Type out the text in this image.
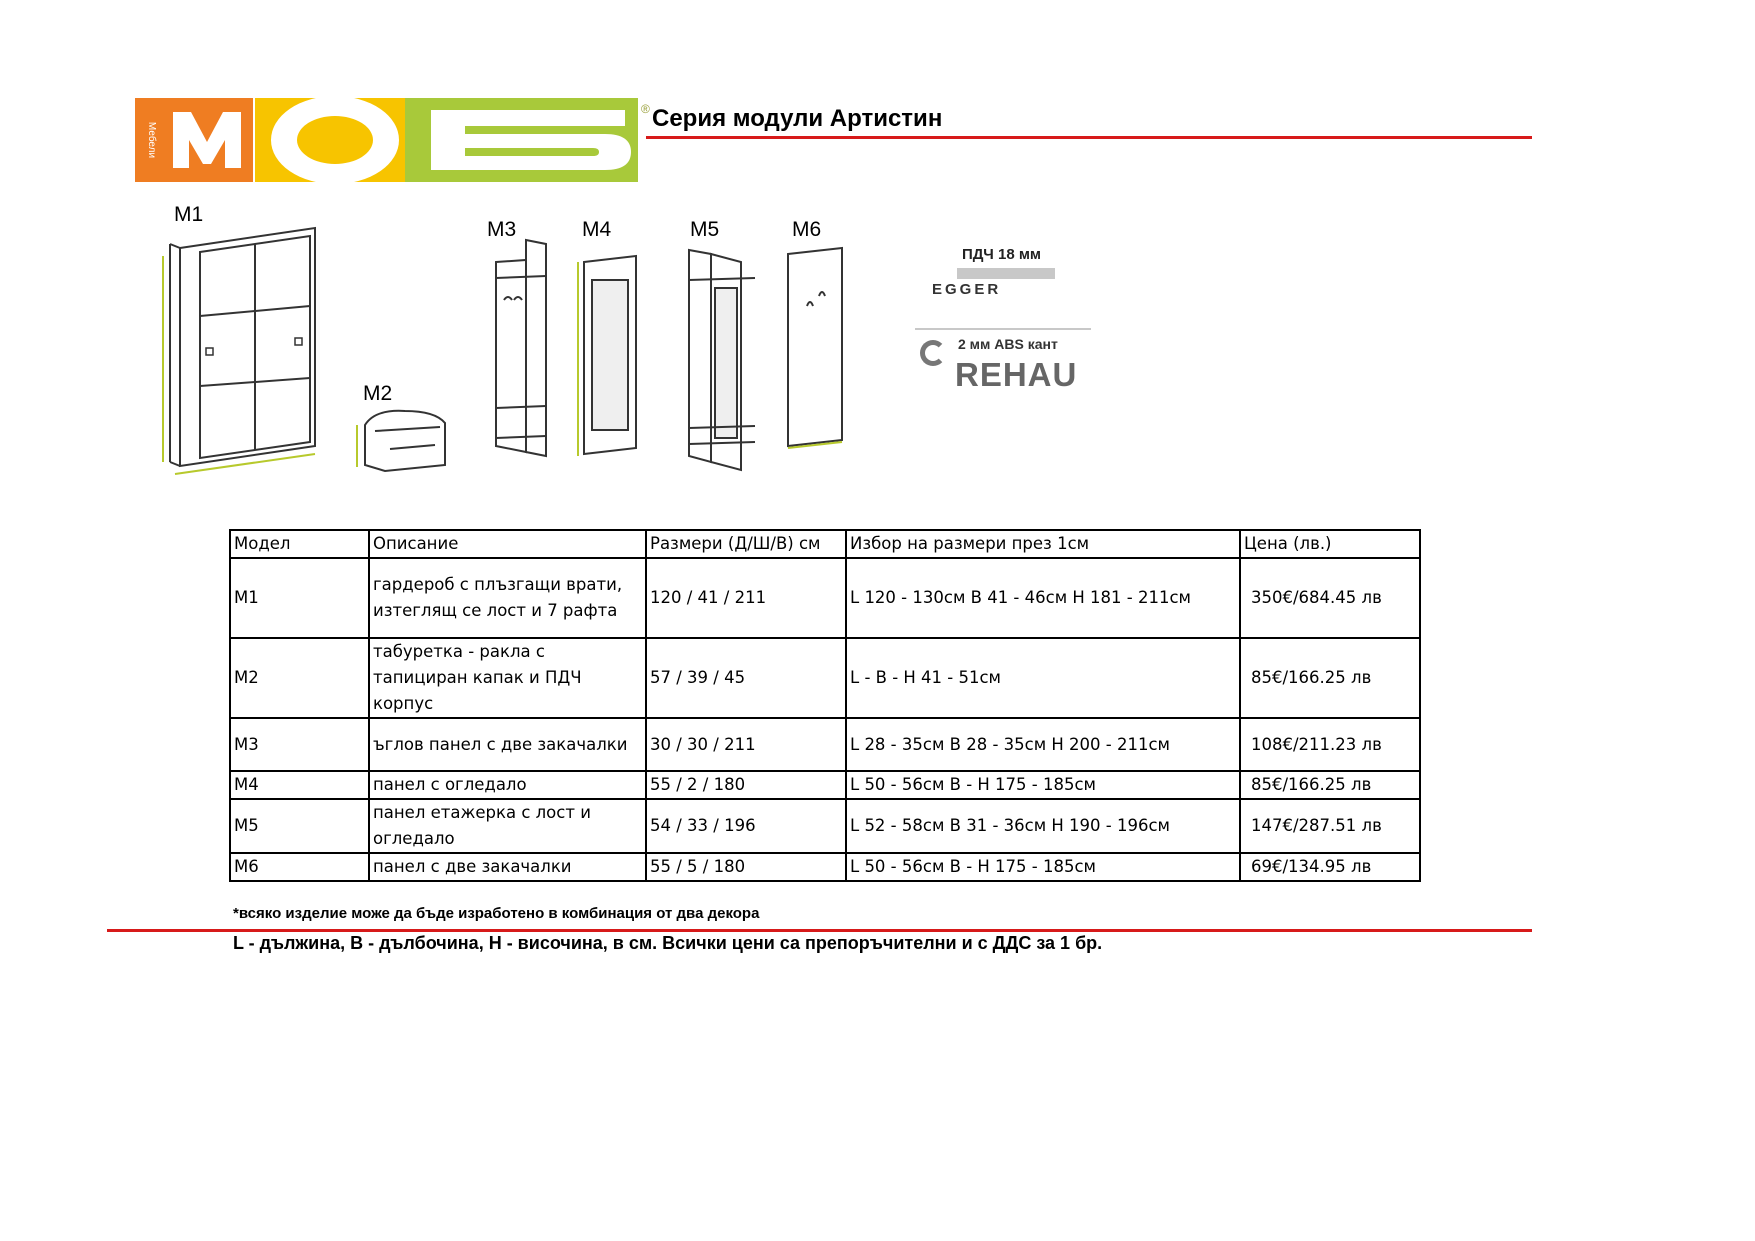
Мебели
® Серия модули Артистин
M1
M2
M3	M4	M5	M6
ПДЧ 18 мм
EGGER
2 мм ABS кант
REHAU
Модел	Описание	Размери (Д/Ш/В) см	Избор на размери през 1см	Цена (лв.)
M1	гардероб с плъзгащи врати, изтеглящ се лост и 7 рафта	120 / 41 / 211	L 120 - 130см B 41 - 46см H 181 - 211см	350€/684.45 лв
M2	табуретка - ракла с тапициран капак и ПДЧ корпус	57 / 39 / 45	L - B - H 41 - 51см	85€/166.25 лв
M3	ъглов панел с две закачалки	30 / 30 / 211	L 28 - 35см B 28 - 35см H 200 - 211см	108€/211.23 лв
M4	панел с огледало	55 / 2 / 180	L 50 - 56см B - H 175 - 185см	85€/166.25 лв
M5	панел етажерка с лост и огледало	54 / 33 / 196	L 52 - 58см B 31 - 36см H 190 - 196см	147€/287.51 лв
M6	панел с две закачалки	55 / 5 / 180	L 50 - 56см B - H 175 - 185см	69€/134.95 лв
*всяко изделие може да бъде изработено в комбинация от два декора
L - дължина, B - дълбочина, H - височина, в см. Всички цени са препоръчителни и с ДДС за 1 бр.
